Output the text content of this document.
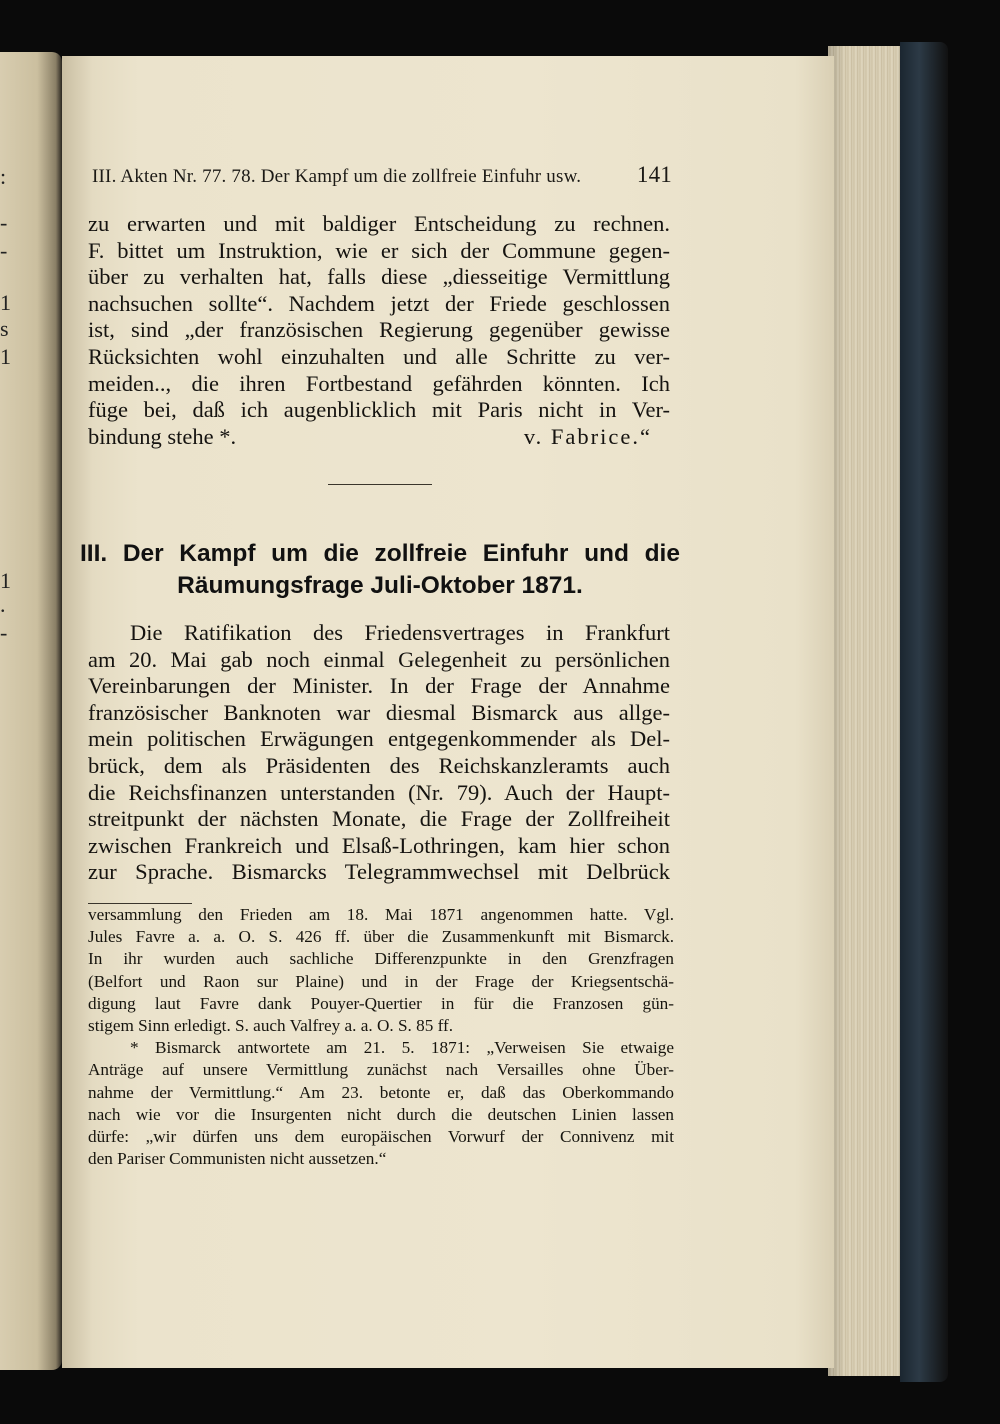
:
-
-
1
s
1
1
.
-
III. Akten Nr. 77. 78. Der Kampf um die zollfreie Einfuhr usw. 141
zu erwarten und mit baldiger Entscheidung zu rechnen.
F. bittet um Instruktion, wie er sich der Commune gegen-
über zu verhalten hat, falls diese „diesseitige Vermittlung
nachsuchen sollte“. Nachdem jetzt der Friede geschlossen
ist, sind „der französischen Regierung gegenüber gewisse
Rücksichten wohl einzuhalten und alle Schritte zu ver-
meiden.., die ihren Fortbestand gefährden könnten. Ich
füge bei, daß ich augenblicklich mit Paris nicht in Ver-
bindung stehe *.	v. Fabrice.“
III. Der Kampf um die zollfreie Einfuhr und die
Räumungsfrage Juli-Oktober 1871.
Die Ratifikation des Friedensvertrages in Frankfurt
am 20. Mai gab noch einmal Gelegenheit zu persönlichen
Vereinbarungen der Minister. In der Frage der Annahme
französischer Banknoten war diesmal Bismarck aus allge-
mein politischen Erwägungen entgegenkommender als Del-
brück, dem als Präsidenten des Reichskanzleramts auch
die Reichsfinanzen unterstanden (Nr. 79). Auch der Haupt-
streitpunkt der nächsten Monate, die Frage der Zollfreiheit
zwischen Frankreich und Elsaß-Lothringen, kam hier schon
zur Sprache. Bismarcks Telegrammwechsel mit Delbrück
versammlung den Frieden am 18. Mai 1871 angenommen hatte. Vgl.
Jules Favre a. a. O. S. 426 ff. über die Zusammenkunft mit Bismarck.
In ihr wurden auch sachliche Differenzpunkte in den Grenzfragen
(Belfort und Raon sur Plaine) und in der Frage der Kriegsentschä-
digung laut Favre dank Pouyer-Quertier in für die Franzosen gün-
stigem Sinn erledigt. S. auch Valfrey a. a. O. S. 85 ff.
* Bismarck antwortete am 21. 5. 1871: „Verweisen Sie etwaige
Anträge auf unsere Vermittlung zunächst nach Versailles ohne Über-
nahme der Vermittlung.“ Am 23. betonte er, daß das Oberkommando
nach wie vor die Insurgenten nicht durch die deutschen Linien lassen
dürfe: „wir dürfen uns dem europäischen Vorwurf der Connivenz mit
den Pariser Communisten nicht aussetzen.“
